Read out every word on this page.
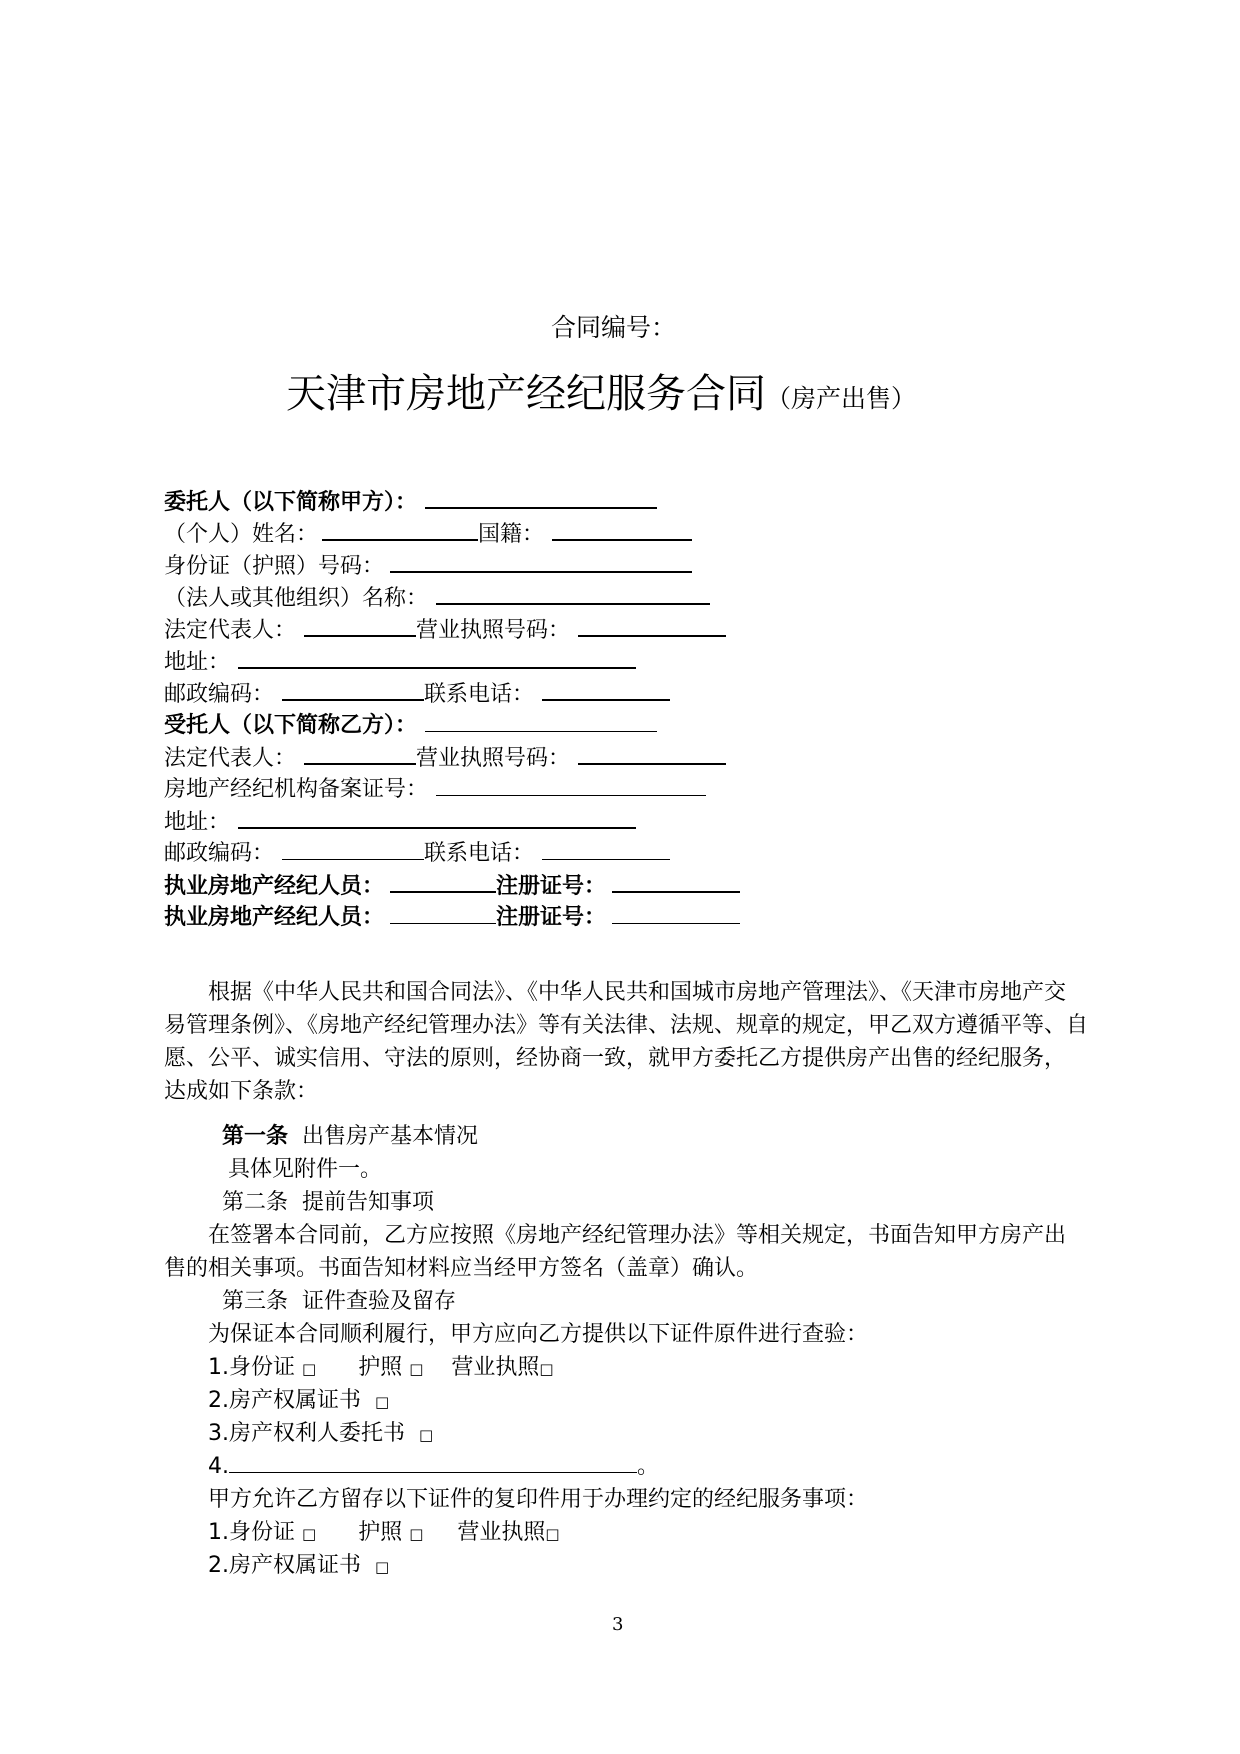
合同编号：
天津市房地产经纪服务合同（房产出售）
委托人（以下简称甲方）：
（个人）姓名：	国籍：
身份证（护照）号码：
（法人或其他组织）名称：
法定代表人：	营业执照号码：
地址：
邮政编码：	联系电话：
受托人（以下简称乙方）：
法定代表人：	营业执照号码：
房地产经纪机构备案证号：
地址：
邮政编码：	联系电话：
执业房地产经纪人员：	注册证号：
执业房地产经纪人员：	注册证号：
根据《中华人民共和国合同法》、《中华人民共和国城市房地产管理法》、《天津市房地产交
易管理条例》、《房地产经纪管理办法》等有关法律、法规、规章的规定，甲乙双方遵循平等、自
愿、公平、诚实信用、守法的原则，经协商一致，就甲方委托乙方提供房产出售的经纪服务，
达成如下条款：
第一条 出售房产基本情况
具体见附件一。
第二条 提前告知事项
在签署本合同前，乙方应按照《房地产经纪管理办法》等相关规定，书面告知甲方房产出
售的相关事项。书面告知材料应当经甲方签名（盖章）确认。
第三条 证件查验及留存
为保证本合同顺利履行，甲方应向乙方提供以下证件原件进行查验：
1.身份证 □ 护照 □ 营业执照□
2.房产权属证书 □
3.房产权利人委托书 □
4.	。
甲方允许乙方留存以下证件的复印件用于办理约定的经纪服务事项：
1.身份证 □ 护照 □ 营业执照□
2.房产权属证书 □
3
